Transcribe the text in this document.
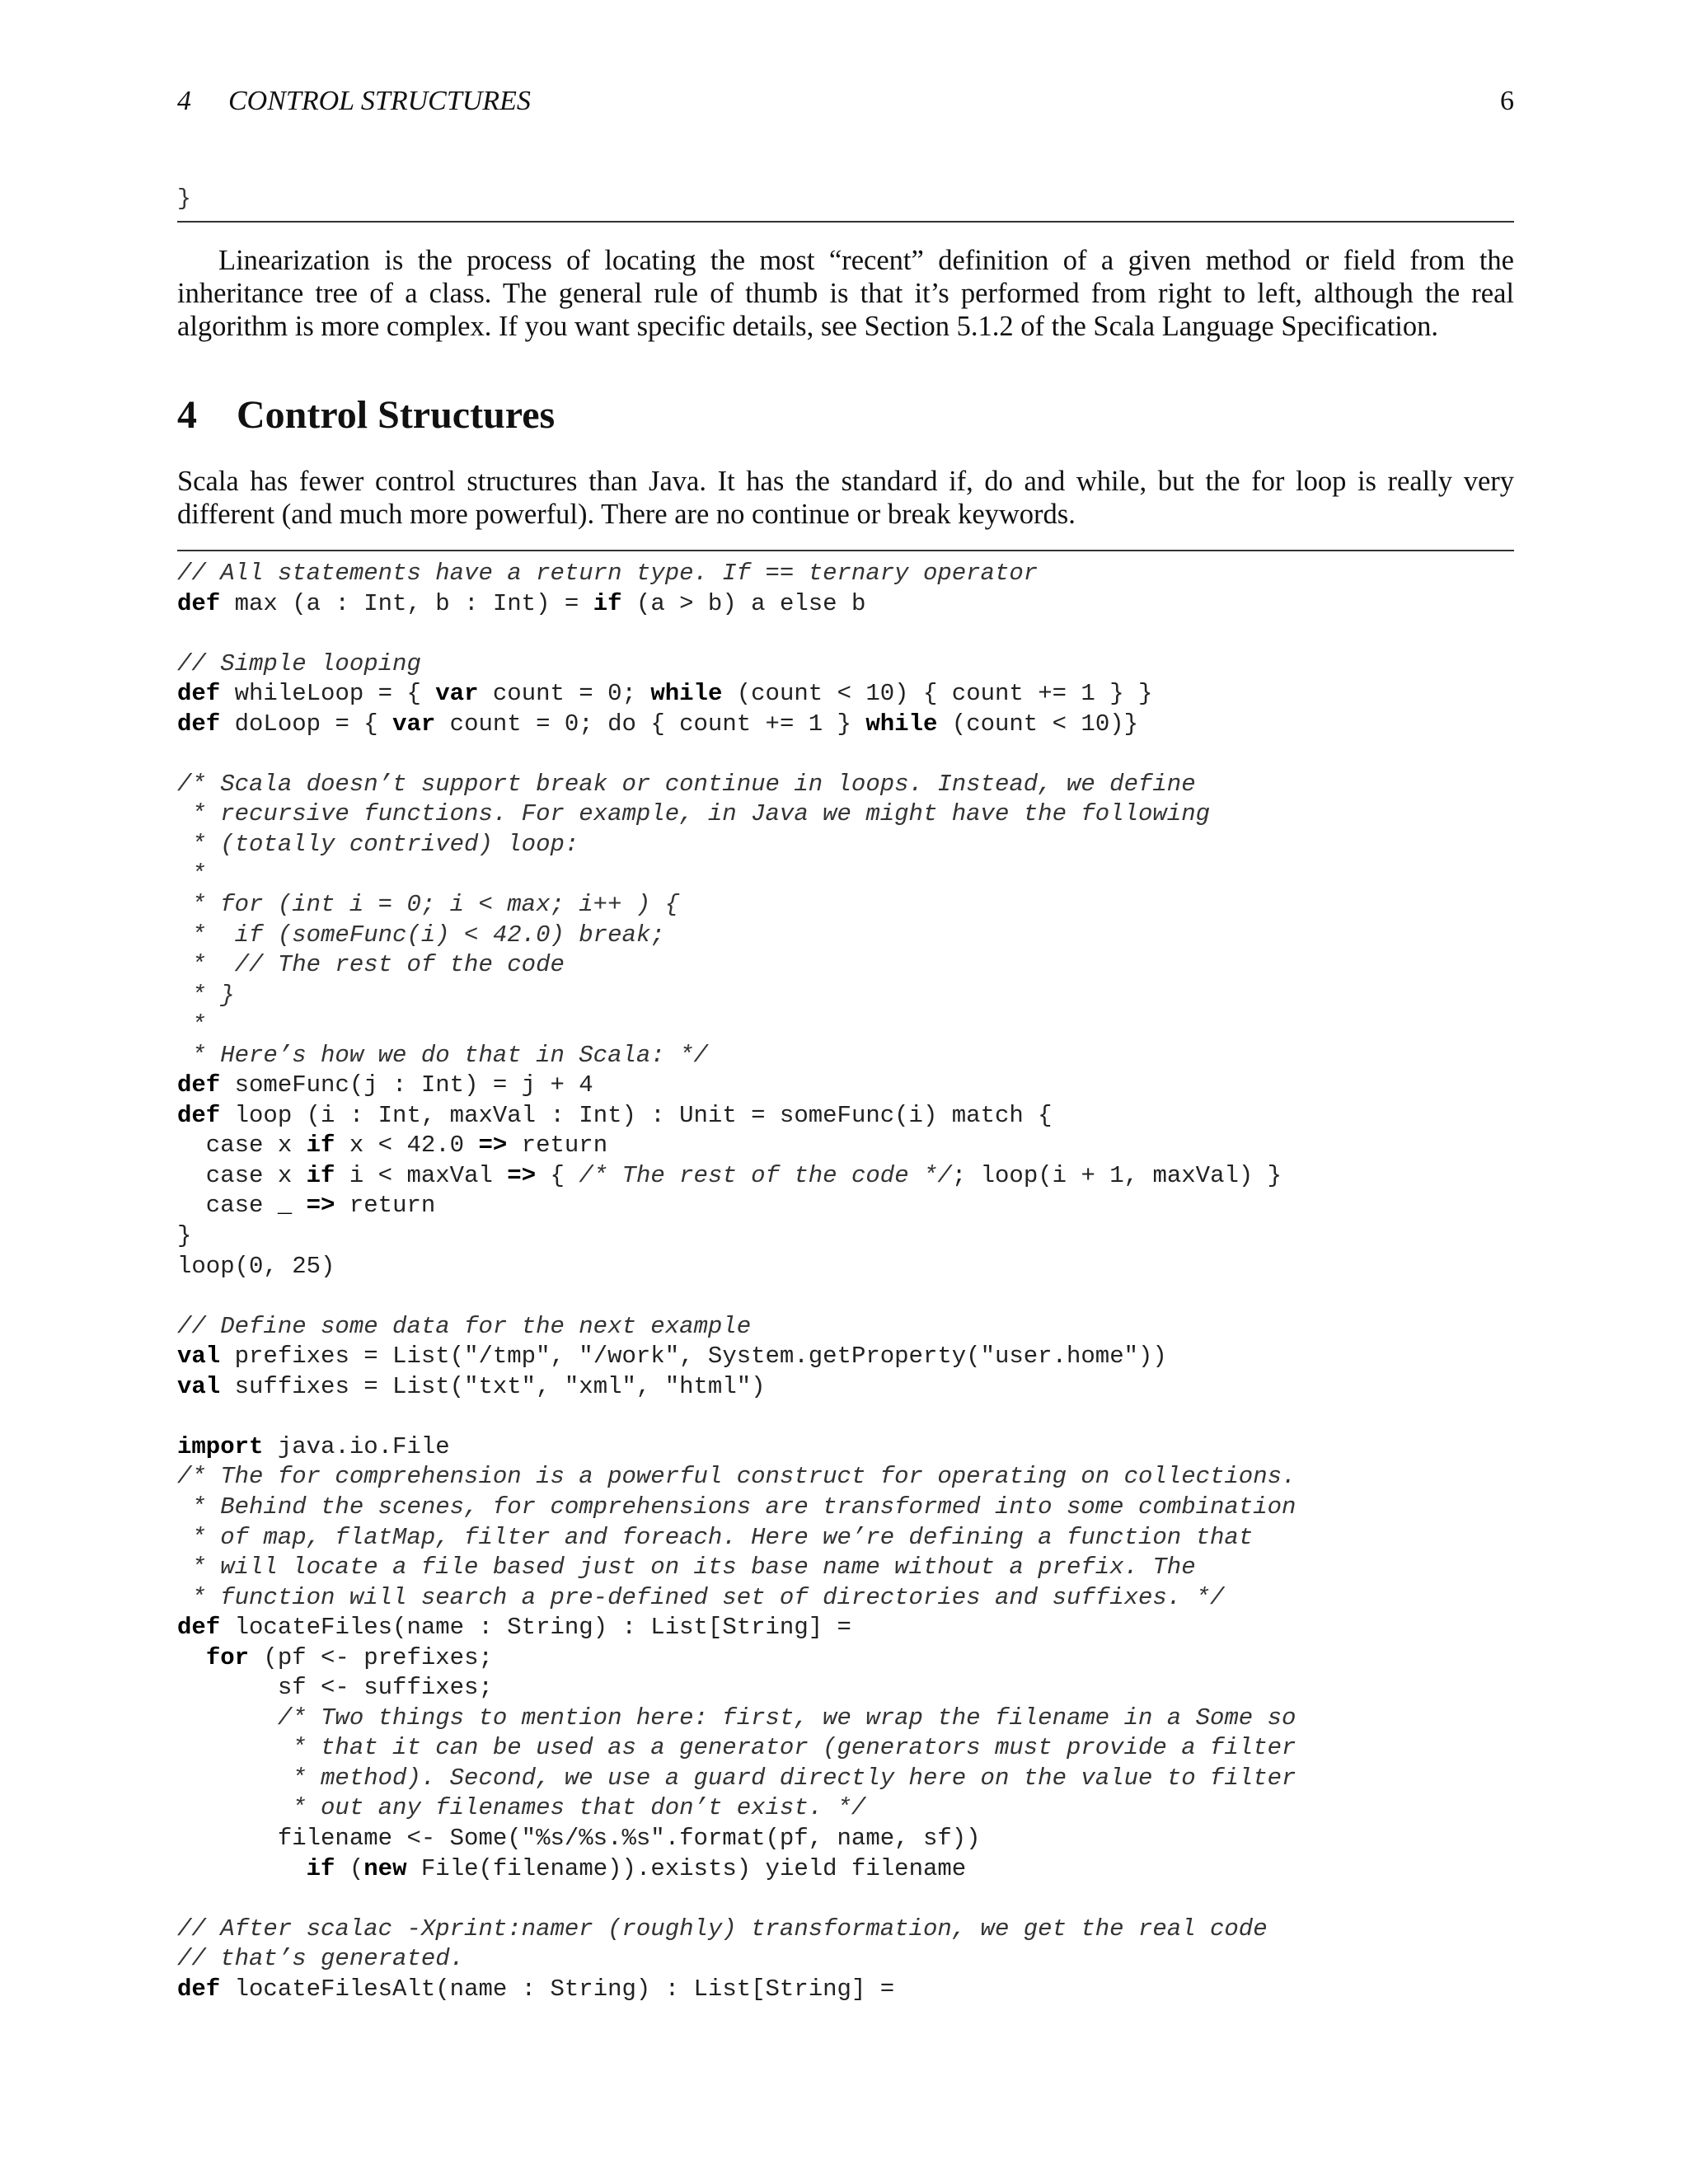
4 CONTROL STRUCTURES	6
}

Linearization is the process of locating the most “recent” definition of a given method or field from the inheritance tree of a class. The general rule of thumb is that it’s performed from right to left, although the real algorithm is more complex. If you want specific details, see Section 5.1.2 of the Scala Language Specification.

4 Control Structures

Scala has fewer control structures than Java. It has the standard if, do and while, but the for loop is really very different (and much more powerful). There are no continue or break keywords.

// All statements have a return type. If == ternary operator
def max (a : Int, b : Int) = if (a > b) a else b

// Simple looping
def whileLoop = { var count = 0; while (count < 10) { count += 1 } }
def doLoop = { var count = 0; do { count += 1 } while (count < 10)}

/* Scala doesn’t support break or continue in loops. Instead, we define
* recursive functions. For example, in Java we might have the following
* (totally contrived) loop:
*
* for (int i = 0; i < max; i++ ) {
*  if (someFunc(i) < 42.0) break;
*  // The rest of the code
* }
*
* Here’s how we do that in Scala: */
def someFunc(j : Int) = j + 4
def loop (i : Int, maxVal : Int) : Unit = someFunc(i) match {
case x if x < 42.0 => return
case x if i < maxVal => { /* The rest of the code */; loop(i + 1, maxVal) }
case _ => return
}
loop(0, 25)

// Define some data for the next example
val prefixes = List("/tmp", "/work", System.getProperty("user.home"))
val suffixes = List("txt", "xml", "html")

import java.io.File
/* The for comprehension is a powerful construct for operating on collections.
* Behind the scenes, for comprehensions are transformed into some combination
* of map, flatMap, filter and foreach. Here we’re defining a function that
* will locate a file based just on its base name without a prefix. The
* function will search a pre-defined set of directories and suffixes. */
def locateFiles(name : String) : List[String] =
for (pf <- prefixes;
sf <- suffixes;
/* Two things to mention here: first, we wrap the filename in a Some so
* that it can be used as a generator (generators must provide a filter
* method). Second, we use a guard directly here on the value to filter
* out any filenames that don’t exist. */
filename <- Some("%s/%s.%s".format(pf, name, sf))
if (new File(filename)).exists) yield filename

// After scalac -Xprint:namer (roughly) transformation, we get the real code
// that’s generated.
def locateFilesAlt(name : String) : List[String] =
